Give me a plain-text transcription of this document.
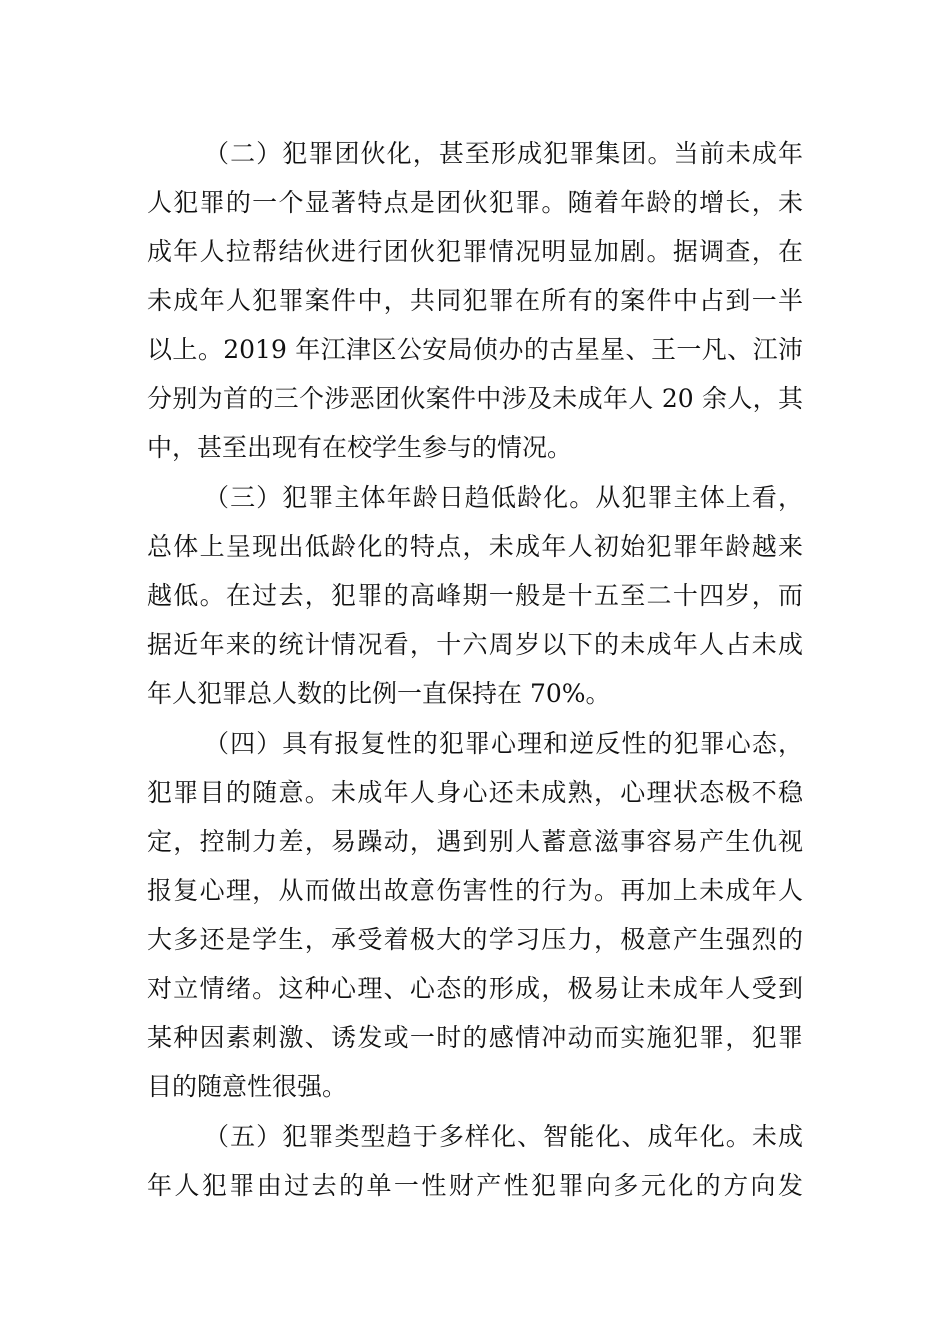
（二）犯罪团伙化，甚至形成犯罪集团。当前未成年
人犯罪的一个显著特点是团伙犯罪。随着年龄的增长，未
成年人拉帮结伙进行团伙犯罪情况明显加剧。据调查，在
未成年人犯罪案件中，共同犯罪在所有的案件中占到一半
以上。2019 年江津区公安局侦办的古星星、王一凡、江沛
分别为首的三个涉恶团伙案件中涉及未成年人 20 余人，其
中，甚至出现有在校学生参与的情况。
（三）犯罪主体年龄日趋低龄化。从犯罪主体上看，
总体上呈现出低龄化的特点，未成年人初始犯罪年龄越来
越低。在过去，犯罪的高峰期一般是十五至二十四岁，而
据近年来的统计情况看，十六周岁以下的未成年人占未成
年人犯罪总人数的比例一直保持在 70%。
（四）具有报复性的犯罪心理和逆反性的犯罪心态，
犯罪目的随意。未成年人身心还未成熟，心理状态极不稳
定，控制力差，易躁动，遇到别人蓄意滋事容易产生仇视
报复心理，从而做出故意伤害性的行为。再加上未成年人
大多还是学生，承受着极大的学习压力，极意产生强烈的
对立情绪。这种心理、心态的形成，极易让未成年人受到
某种因素刺激、诱发或一时的感情冲动而实施犯罪，犯罪
目的随意性很强。
（五）犯罪类型趋于多样化、智能化、成年化。未成
年人犯罪由过去的单一性财产性犯罪向多元化的方向发
